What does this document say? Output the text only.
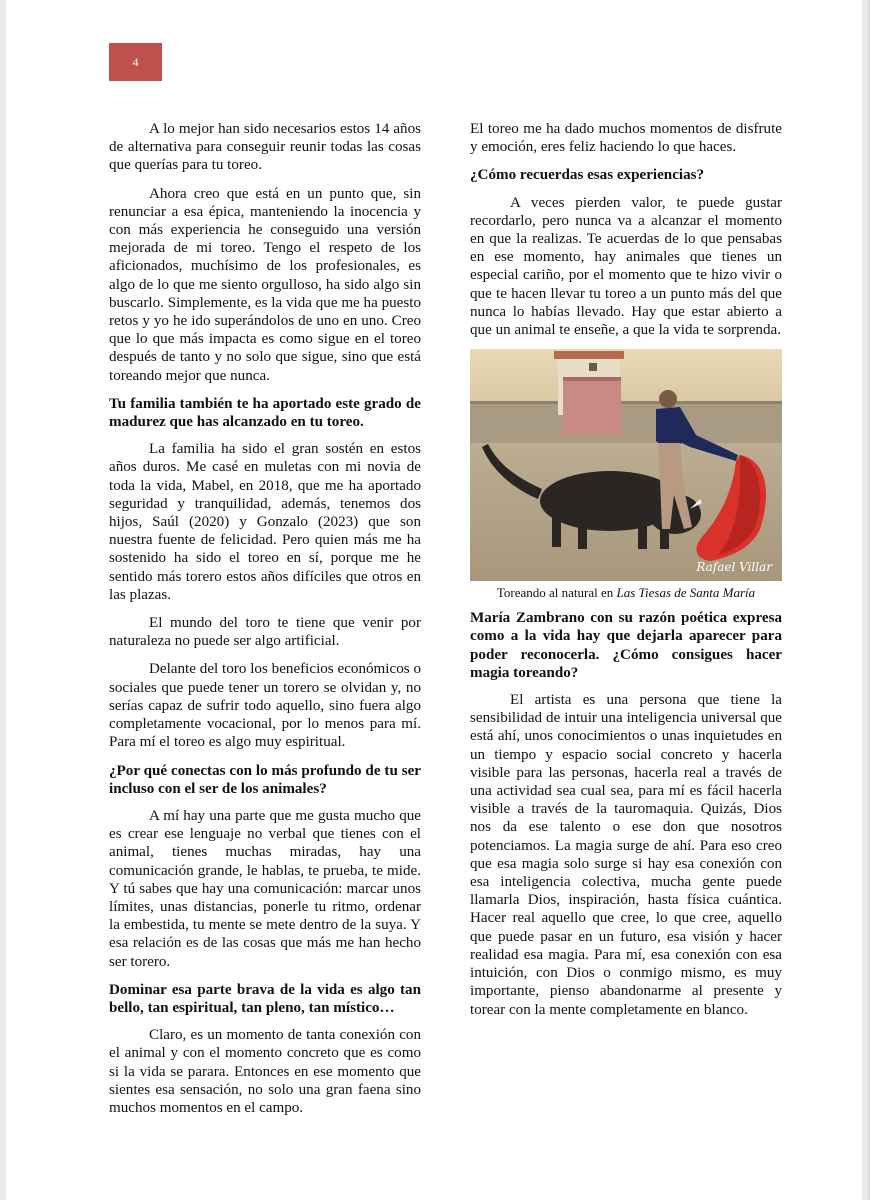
4

A lo mejor han sido necesarios estos 14 años de alternativa para conseguir reunir todas las cosas que querías para tu toreo.

Ahora creo que está en un punto que, sin renunciar a esa épica, manteniendo la inocencia y con más experiencia he conseguido una versión mejorada de mi toreo. Tengo el respeto de los aficionados, muchísimo de los profesionales, es algo de lo que me siento orgulloso, ha sido algo sin buscarlo. Simplemente, es la vida que me ha puesto retos y yo he ido superándolos de uno en uno. Creo que lo que más impacta es como sigue en el toreo después de tanto y no solo que sigue, sino que está toreando mejor que nunca.

Tu familia también te ha aportado este grado de madurez que has alcanzado en tu toreo.

La familia ha sido el gran sostén en estos años duros. Me casé en muletas con mi novia de toda la vida, Mabel, en 2018, que me ha aportado seguridad y tranquilidad, además, tenemos dos hijos, Saúl (2020) y Gonzalo (2023) que son nuestra fuente de felicidad. Pero quien más me ha sostenido ha sido el toreo en sí, porque me he sentido más torero estos años difíciles que otros en las plazas.

El mundo del toro te tiene que venir por naturaleza no puede ser algo artificial.

Delante del toro los beneficios económicos o sociales que puede tener un torero se olvidan y, no serías capaz de sufrir todo aquello, sino fuera algo completamente vocacional, por lo menos para mí. Para mí el toreo es algo muy espiritual.

¿Por qué conectas con lo más profundo de tu ser incluso con el ser de los animales?

A mí hay una parte que me gusta mucho que es crear ese lenguaje no verbal que tienes con el animal, tienes muchas miradas, hay una comunicación grande, le hablas, te prueba, te mide. Y tú sabes que hay una comunicación: marcar unos límites, unas distancias, ponerle tu ritmo, ordenar la embestida, tu mente se mete dentro de la suya. Y esa relación es de las cosas que más me han hecho ser torero.

Dominar esa parte brava de la vida es algo tan bello, tan espiritual, tan pleno, tan místico…

Claro, es un momento de tanta conexión con el animal y con el momento concreto que es como si la vida se parara. Entonces en ese momento que sientes esa sensación, no solo una gran faena sino muchos momentos en el campo.

El toreo me ha dado muchos momentos de disfrute y emoción, eres feliz haciendo lo que haces.

¿Cómo recuerdas esas experiencias?

A veces pierden valor, te puede gustar recordarlo, pero nunca va a alcanzar el momento en que la realizas. Te acuerdas de lo que pensabas en ese momento, hay animales que tienes un especial cariño, por el momento que te hizo vivir o que te hacen llevar tu toreo a un punto más del que nunca lo habías llevado. Hay que estar abierto a que un animal te enseñe, a que la vida te sorprenda.

Rafael Villar
Toreando al natural en Las Tiesas de Santa María
María Zambrano con su razón poética expresa como a la vida hay que dejarla aparecer para poder reconocerla. ¿Cómo consigues hacer magia toreando?

El artista es una persona que tiene la sensibilidad de intuir una inteligencia universal que está ahí, unos conocimientos o unas inquietudes en un tiempo y espacio social concreto y hacerla visible para las personas, hacerla real a través de una actividad sea cual sea, para mí es fácil hacerla visible a través de la tauromaquia. Quizás, Dios nos da ese talento o ese don que nosotros potenciamos. La magia surge de ahí. Para eso creo que esa magia solo surge si hay esa conexión con esa inteligencia colectiva, mucha gente puede llamarla Dios, inspiración, hasta física cuántica. Hacer real aquello que cree, lo que cree, aquello que puede pasar en un futuro, esa visión y hacer realidad esa magia. Para mí, esa conexión con esa intuición, con Dios o conmigo mismo, es muy importante, pienso abandonarme al presente y torear con la mente completamente en blanco.
